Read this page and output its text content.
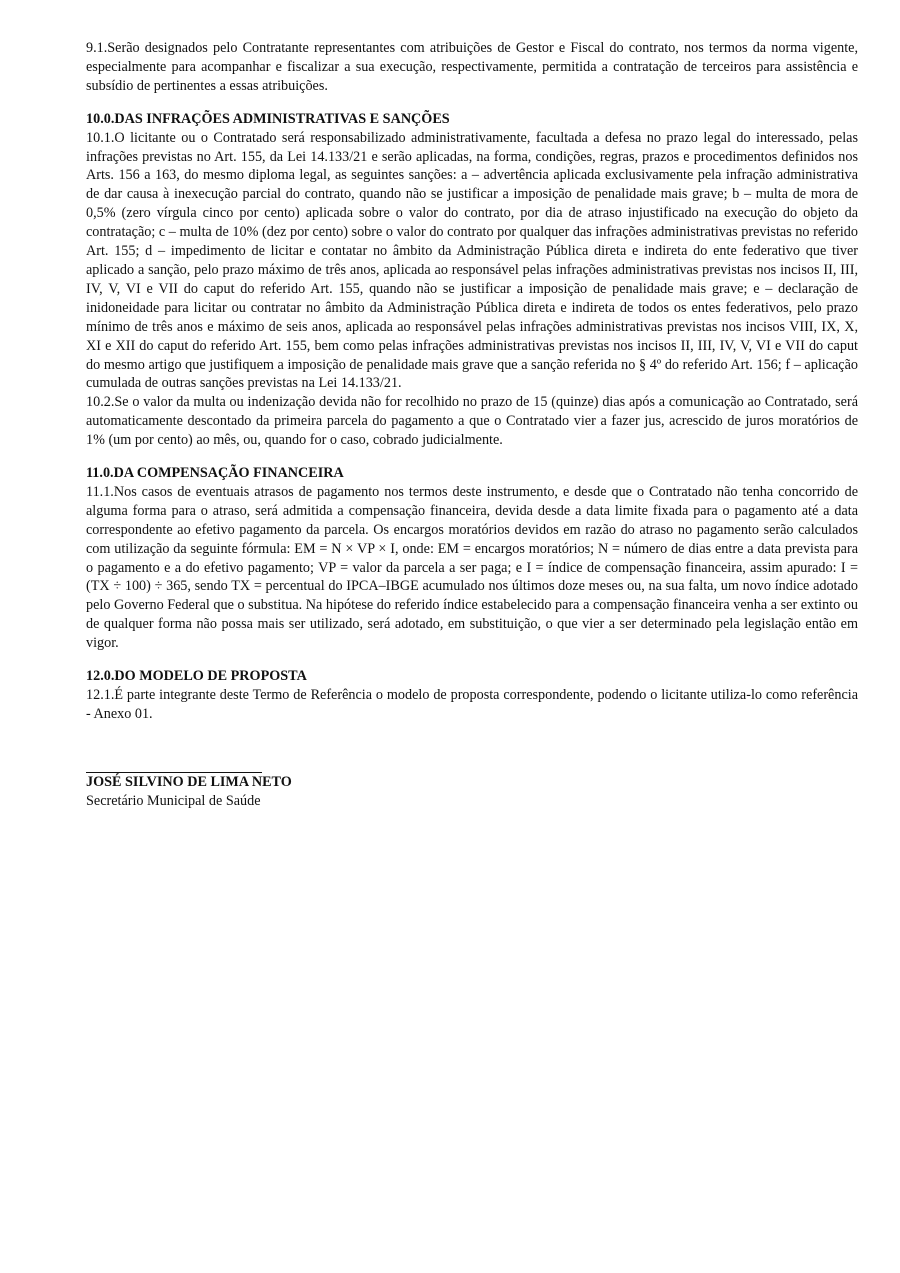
9.1.Serão designados pelo Contratante representantes com atribuições de Gestor e Fiscal do contrato, nos termos da norma vigente, especialmente para acompanhar e fiscalizar a sua execução, respectivamente, permitida a contratação de terceiros para assistência e subsídio de pertinentes a essas atribuições.

10.0.DAS INFRAÇÕES ADMINISTRATIVAS E SANÇÕES

10.1.O licitante ou o Contratado será responsabilizado administrativamente, facultada a defesa no prazo legal do interessado, pelas infrações previstas no Art. 155, da Lei 14.133/21 e serão aplicadas, na forma, condições, regras, prazos e procedimentos definidos nos Arts. 156 a 163, do mesmo diploma legal, as seguintes sanções: a – advertência aplicada exclusivamente pela infração administrativa de dar causa à inexecução parcial do contrato, quando não se justificar a imposição de penalidade mais grave; b – multa de mora de 0,5% (zero vírgula cinco por cento) aplicada sobre o valor do contrato, por dia de atraso injustificado na execução do objeto da contratação; c – multa de 10% (dez por cento) sobre o valor do contrato por qualquer das infrações administrativas previstas no referido Art. 155; d – impedimento de licitar e contatar no âmbito da Administração Pública direta e indireta do ente federativo que tiver aplicado a sanção, pelo prazo máximo de três anos, aplicada ao responsável pelas infrações administrativas previstas nos incisos II, III, IV, V, VI e VII do caput do referido Art. 155, quando não se justificar a imposição de penalidade mais grave; e – declaração de inidoneidade para licitar ou contratar no âmbito da Administração Pública direta e indireta de todos os entes federativos, pelo prazo mínimo de três anos e máximo de seis anos, aplicada ao responsável pelas infrações administrativas previstas nos incisos VIII, IX, X, XI e XII do caput do referido Art. 155, bem como pelas infrações administrativas previstas nos incisos II, III, IV, V, VI e VII do caput do mesmo artigo que justifiquem a imposição de penalidade mais grave que a sanção referida no § 4º do referido Art. 156; f – aplicação cumulada de outras sanções previstas na Lei 14.133/21.

10.2.Se o valor da multa ou indenização devida não for recolhido no prazo de 15 (quinze) dias após a comunicação ao Contratado, será automaticamente descontado da primeira parcela do pagamento a que o Contratado vier a fazer jus, acrescido de juros moratórios de 1% (um por cento) ao mês, ou, quando for o caso, cobrado judicialmente.

11.0.DA COMPENSAÇÃO FINANCEIRA

11.1.Nos casos de eventuais atrasos de pagamento nos termos deste instrumento, e desde que o Contratado não tenha concorrido de alguma forma para o atraso, será admitida a compensação financeira, devida desde a data limite fixada para o pagamento até a data correspondente ao efetivo pagamento da parcela. Os encargos moratórios devidos em razão do atraso no pagamento serão calculados com utilização da seguinte fórmula: EM = N × VP × I, onde: EM = encargos moratórios; N = número de dias entre a data prevista para o pagamento e a do efetivo pagamento; VP = valor da parcela a ser paga; e I = índice de compensação financeira, assim apurado: I = (TX ÷ 100) ÷ 365, sendo TX = percentual do IPCA–IBGE acumulado nos últimos doze meses ou, na sua falta, um novo índice adotado pelo Governo Federal que o substitua. Na hipótese do referido índice estabelecido para a compensação financeira venha a ser extinto ou de qualquer forma não possa mais ser utilizado, será adotado, em substituição, o que vier a ser determinado pela legislação então em vigor.

12.0.DO MODELO DE PROPOSTA

12.1.É parte integrante deste Termo de Referência o modelo de proposta correspondente, podendo o licitante utiliza-lo como referência - Anexo 01.

JOSÉ SILVINO DE LIMA NETO
Secretário Municipal de Saúde
